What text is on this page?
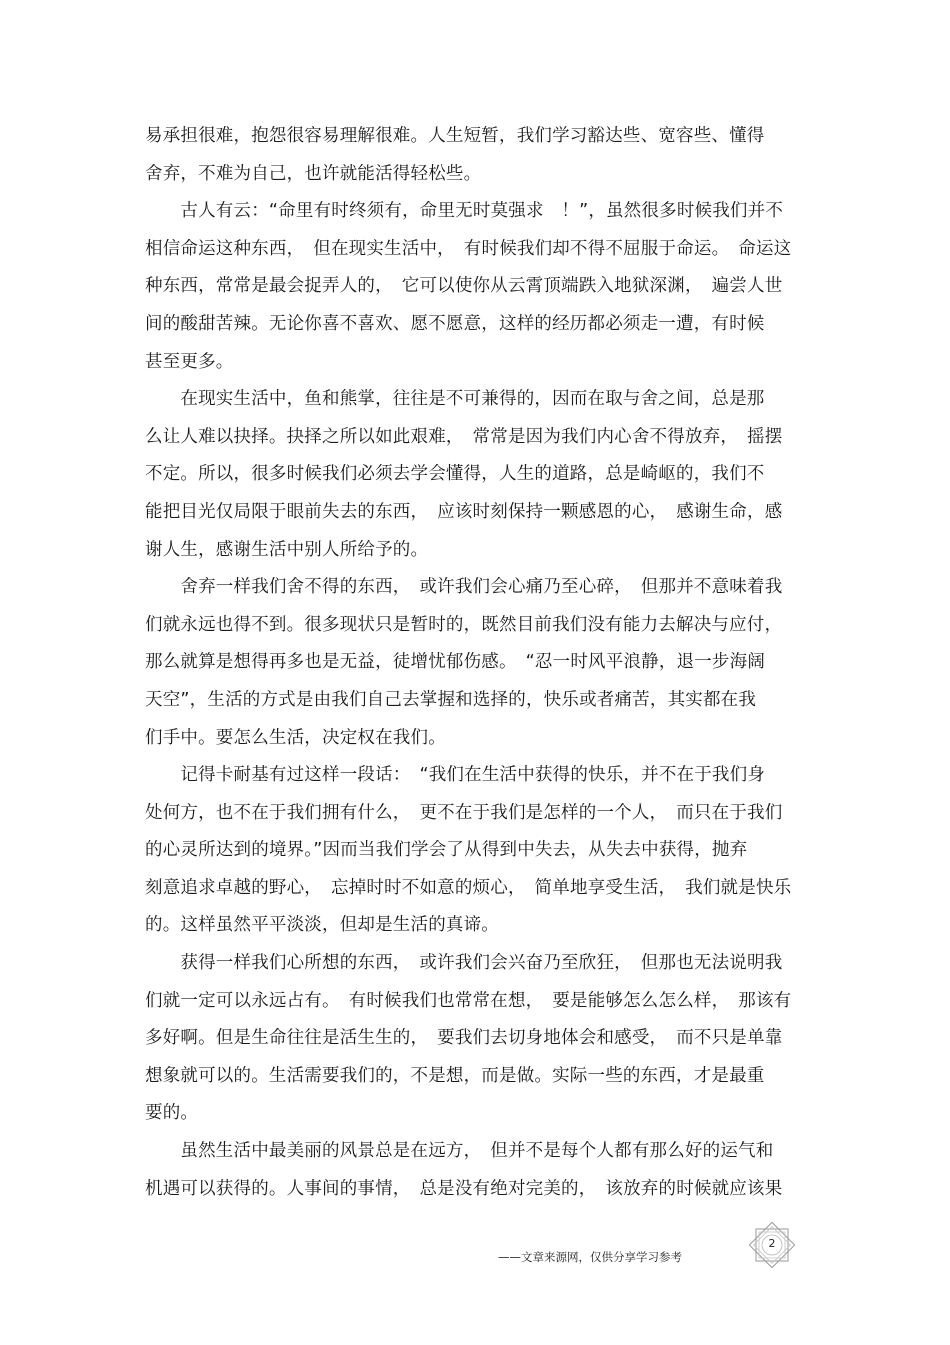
易承担很难，抱怨很容易理解很难。人生短暂，我们学习豁达些、宽容些、懂得
舍弃，不难为自己，也许就能活得轻松些。
　　古人有云：“命里有时终须有，命里无时莫强求　！”，虽然很多时候我们并不
相信命运这种东西，　但在现实生活中，　有时候我们却不得不屈服于命运。　命运这
种东西，常常是最会捉弄人的，　它可以使你从云霄顶端跌入地狱深渊，　遍尝人世
间的酸甜苦辣。无论你喜不喜欢、愿不愿意，这样的经历都必须走一遭，有时候
甚至更多。
　　在现实生活中，鱼和熊掌，往往是不可兼得的，因而在取与舍之间，总是那
么让人难以抉择。抉择之所以如此艰难，　常常是因为我们内心舍不得放弃，　摇摆
不定。所以，很多时候我们必须去学会懂得，人生的道路，总是崎岖的，我们不
能把目光仅局限于眼前失去的东西，　应该时刻保持一颗感恩的心，　感谢生命，感
谢人生，感谢生活中别人所给予的。
　　舍弃一样我们舍不得的东西，　或许我们会心痛乃至心碎，　但那并不意味着我
们就永远也得不到。很多现状只是暂时的，既然目前我们没有能力去解决与应付，
那么就算是想得再多也是无益，徒增忧郁伤感。　“忍一时风平浪静，退一步海阔
天空”，生活的方式是由我们自己去掌握和选择的，快乐或者痛苦，其实都在我
们手中。要怎么生活，决定权在我们。
　　记得卡耐基有过这样一段话：　“我们在生活中获得的快乐，并不在于我们身
处何方，也不在于我们拥有什么，　更不在于我们是怎样的一个人，　而只在于我们
的心灵所达到的境界。”因而当我们学会了从得到中失去，从失去中获得，抛弃
刻意追求卓越的野心，　忘掉时时不如意的烦心，　简单地享受生活，　我们就是快乐
的。这样虽然平平淡淡，但却是生活的真谛。
　　获得一样我们心所想的东西，　或许我们会兴奋乃至欣狂，　但那也无法说明我
们就一定可以永远占有。　有时候我们也常常在想，　要是能够怎么怎么样，　那该有
多好啊。但是生命往往是活生生的，　要我们去切身地体会和感受，　而不只是单靠
想象就可以的。生活需要我们的，不是想，而是做。实际一些的东西，才是最重
要的。
　　虽然生活中最美丽的风景总是在远方，　但并不是每个人都有那么好的运气和
机遇可以获得的。人事间的事情，　总是没有绝对完美的，　该放弃的时候就应该果
2
——文章来源网，仅供分享学习参考
